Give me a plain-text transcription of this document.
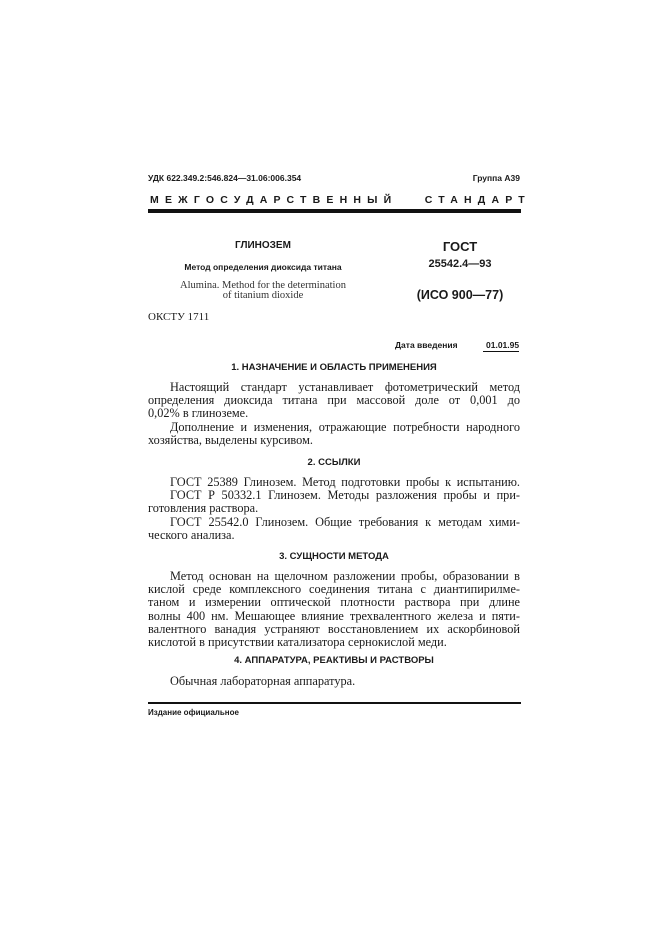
УДК 622.349.2:546.824—31.06:006.354	Группа А39
МЕЖГОСУДАРСТВЕННЫЙ   СТАНДАРТ
ГЛИНОЗЕМ
Метод определения диоксида титана
Alumina. Method for the determination
of titanium dioxide
ГОСТ
25542.4—93
(ИСО 900—77)
ОКСТУ 1711
Дата введения	01.01.95
1. НАЗНАЧЕНИЕ И ОБЛАСТЬ ПРИМЕНЕНИЯ
Настоящий стандарт устанавливает фотометрический метод
определения диоксида титана при массовой доле от 0,001 до
0,02% в глиноземе.
Дополнение и изменения, отражающие потребности народного
хозяйства, выделены курсивом.
2. ССЫЛКИ
ГОСТ 25389 Глинозем. Метод подготовки пробы к испытанию.
ГОСТ Р 50332.1 Глинозем. Методы разложения пробы и при-
готовления раствора.
ГОСТ 25542.0 Глинозем. Общие требования к методам хими-
ческого анализа.
3. СУЩНОСТИ МЕТОДА
Метод основан на щелочном разложении пробы, образовании в
кислой среде комплексного соединения титана с диантипирилме-
таном и измерении оптической плотности раствора при длине
волны 400 нм. Мешающее влияние трехвалентного железа и пяти-
валентного ванадия устраняют восстановлением их аскорбиновой
кислотой в присутствии катализатора сернокислой меди.
4. АППАРАТУРА, РЕАКТИВЫ И РАСТВОРЫ
Обычная лабораторная аппаратура.
Издание официальное
